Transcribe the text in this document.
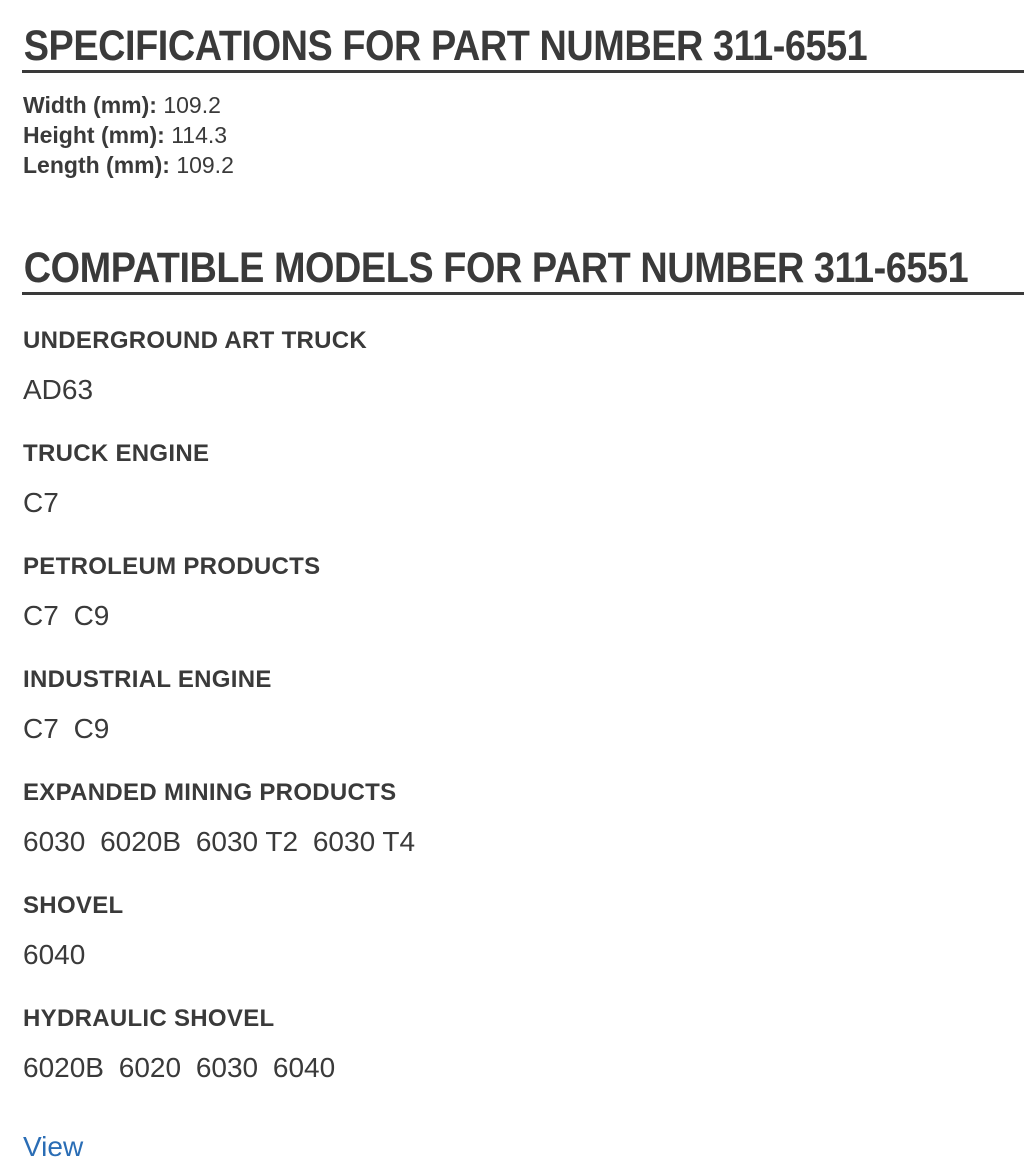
SPECIFICATIONS FOR PART NUMBER 311-6551
Width (mm): 109.2
Height (mm): 114.3
Length (mm): 109.2
COMPATIBLE MODELS FOR PART NUMBER 311-6551
UNDERGROUND ART TRUCK
AD63
TRUCK ENGINE
C7
PETROLEUM PRODUCTS
C7 C9
INDUSTRIAL ENGINE
C7 C9
EXPANDED MINING PRODUCTS
6030 6020B 6030 T2 6030 T4
SHOVEL
6040
HYDRAULIC SHOVEL
6020B 6020 6030 6040
View
